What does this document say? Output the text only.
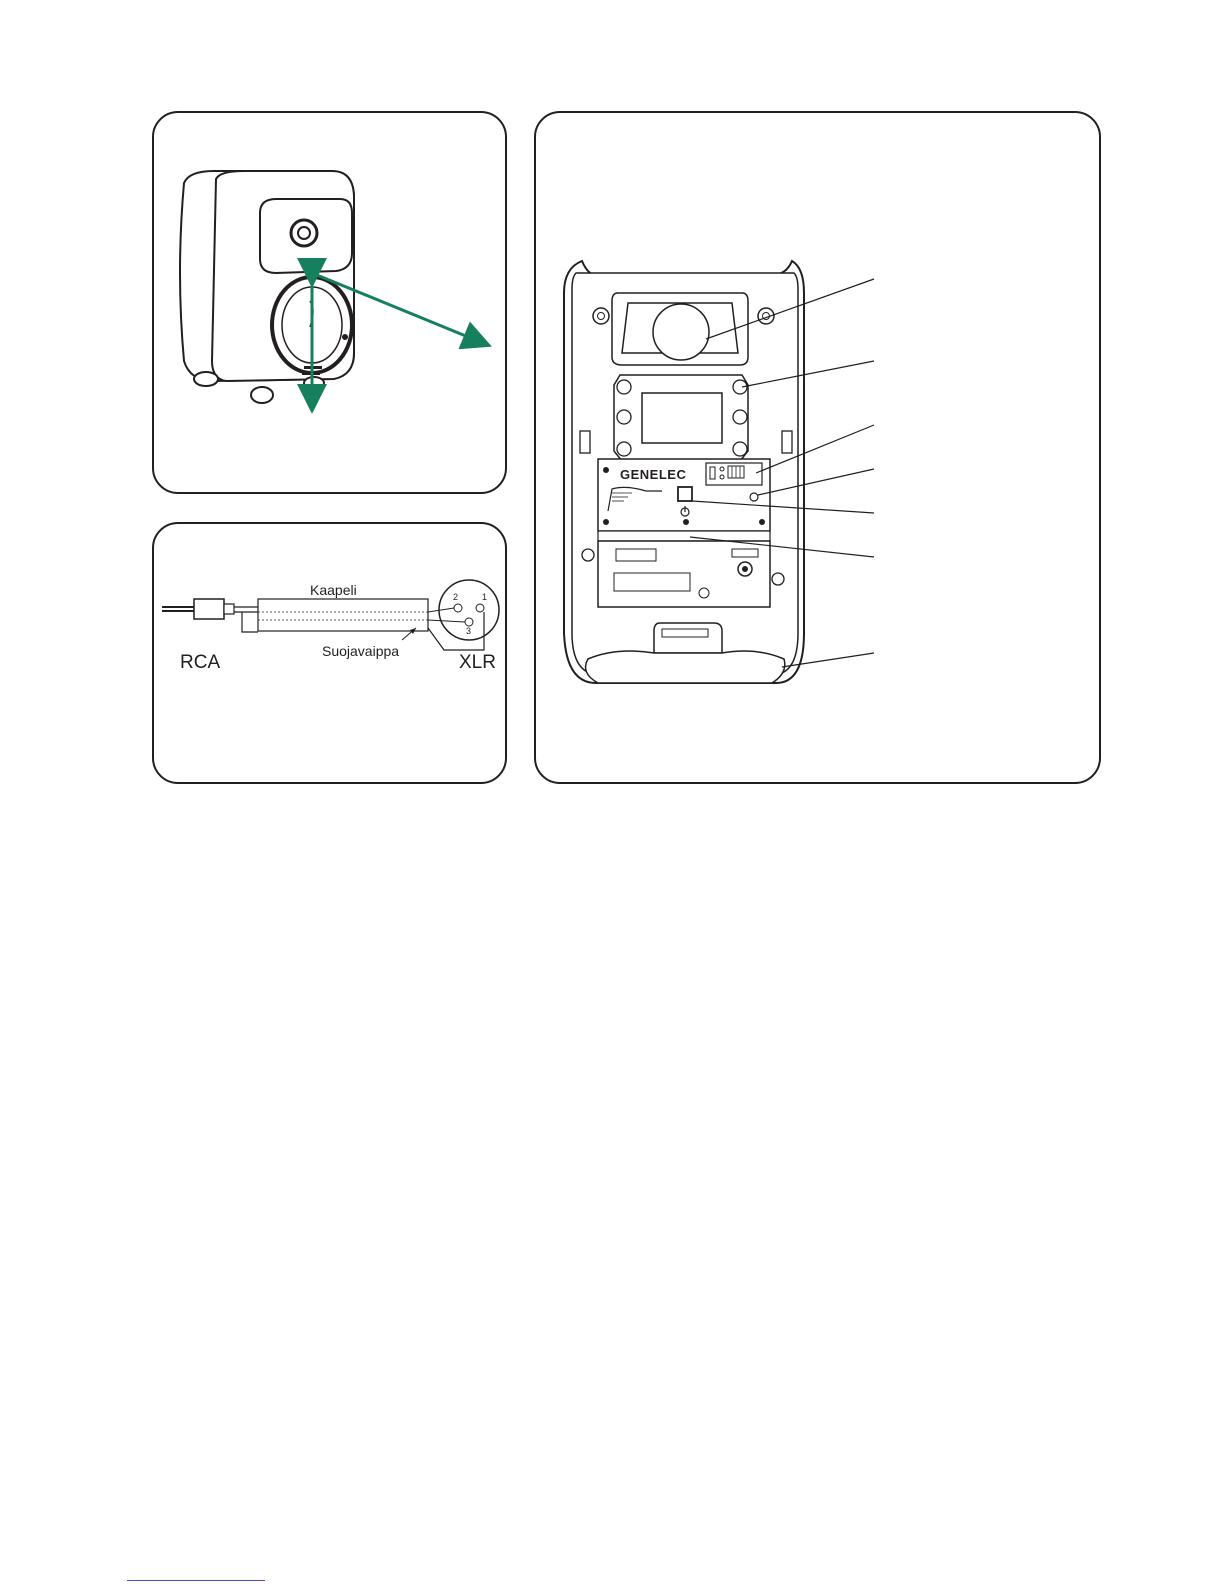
Kaapeli
Suojavaippa
RCA	XLR
1
2
3
GENELEC
